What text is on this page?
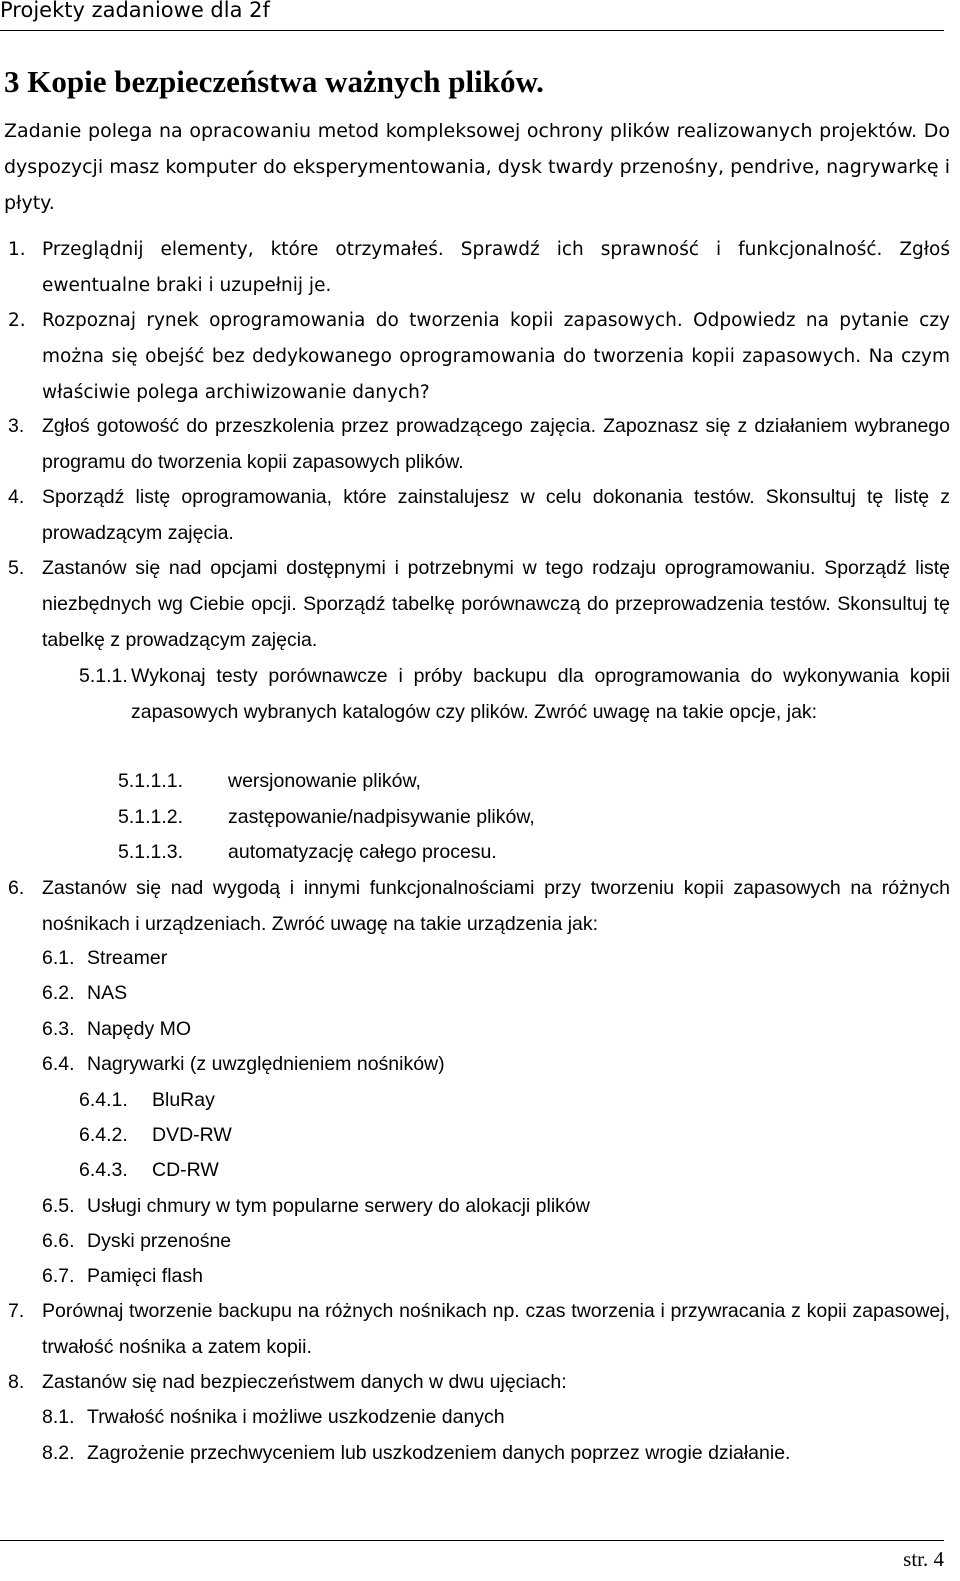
Projekty zadaniowe dla 2f
3 Kopie bezpieczeństwa ważnych plików.

Zadanie polega na opracowaniu metod kompleksowej ochrony plików realizowanych projektów. Do dyspozycji masz komputer do eksperymentowania, dysk twardy przenośny, pendrive, nagrywarkę i płyty.

1. Przeglądnij elementy, które otrzymałeś. Sprawdź ich sprawność i funkcjonalność. Zgłoś ewentualne braki i uzupełnij je.
2. Rozpoznaj rynek oprogramowania do tworzenia kopii zapasowych. Odpowiedz na pytanie czy można się obejść bez dedykowanego oprogramowania do tworzenia kopii zapasowych. Na czym właściwie polega archiwizowanie danych?
3. Zgłoś gotowość do przeszkolenia przez prowadzącego zajęcia. Zapoznasz się z działaniem wybranego programu do tworzenia kopii zapasowych plików.
4. Sporządź listę oprogramowania, które zainstalujesz w celu dokonania testów. Skonsultuj tę listę z prowadzącym zajęcia.
5. Zastanów się nad opcjami dostępnymi i potrzebnymi w tego rodzaju oprogramowaniu. Sporządź listę niezbędnych wg Ciebie opcji. Sporządź tabelkę porównawczą do przeprowadzenia testów. Skonsultuj tę tabelkę z prowadzącym zajęcia.
5.1.1. Wykonaj testy porównawcze i próby backupu dla oprogramowania do wykonywania kopii zapasowych wybranych katalogów czy plików. Zwróć uwagę na takie opcje, jak:
5.1.1.1. wersjonowanie plików,
5.1.1.2. zastępowanie/nadpisywanie plików,
5.1.1.3. automatyzację całego procesu.
6. Zastanów się nad wygodą i innymi funkcjonalnościami przy tworzeniu kopii zapasowych na różnych nośnikach i urządzeniach. Zwróć uwagę na takie urządzenia jak:
6.1. Streamer
6.2. NAS
6.3. Napędy MO
6.4. Nagrywarki (z uwzględnieniem nośników)
6.4.1. BluRay
6.4.2. DVD-RW
6.4.3. CD-RW
6.5. Usługi chmury w tym popularne serwery do alokacji plików
6.6. Dyski przenośne
6.7. Pamięci flash
7. Porównaj tworzenie backupu na różnych nośnikach np. czas tworzenia i przywracania z kopii zapasowej, trwałość nośnika a zatem kopii.
8. Zastanów się nad bezpieczeństwem danych w dwu ujęciach:
8.1. Trwałość nośnika i możliwe uszkodzenie danych
8.2. Zagrożenie przechwyceniem lub uszkodzeniem danych poprzez wrogie działanie.
str. 4
